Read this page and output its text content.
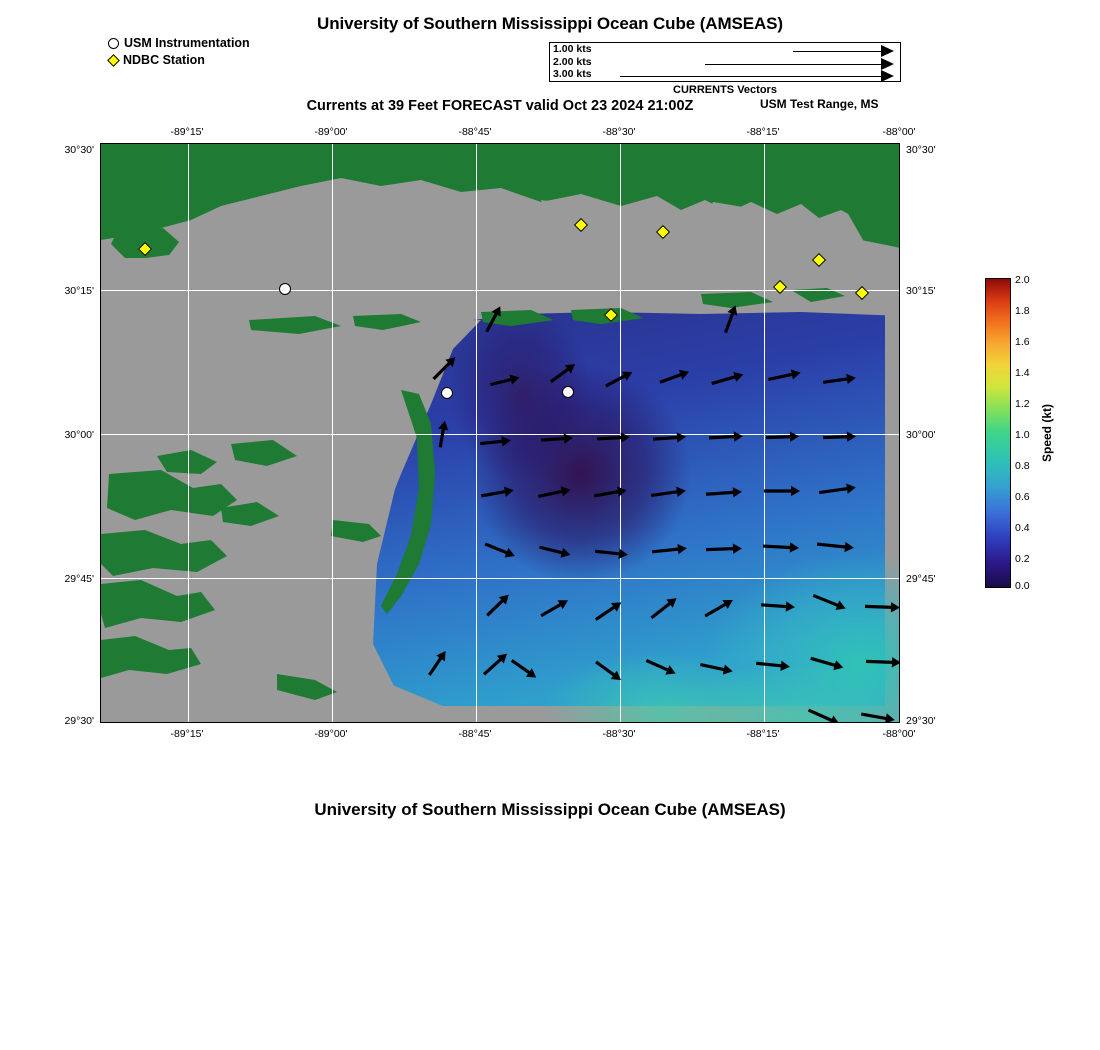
University of Southern Mississippi Ocean Cube (AMSEAS)
USM Instrumentation
NDBC Station
1.00 kts
2.00 kts
3.00 kts
CURRENTS Vectors
Currents at 39 Feet FORECAST valid Oct 23 2024 21:00Z	USM Test Range, MS
-89°15'	-89°00'	-88°45'	-88°30'	-88°15'	-88°00'
-89°15'	-89°00'	-88°45'	-88°30'	-88°15'	-88°00'
30°30'
30°15'
30°00'
29°45'
29°30'
30°30'
30°15'
30°00'
29°45'
29°30'
2.0
1.8
1.6
1.4
1.2
1.0
0.8
0.6
0.4
0.2
0.0
Speed (kt)
University of Southern Mississippi Ocean Cube (AMSEAS)
